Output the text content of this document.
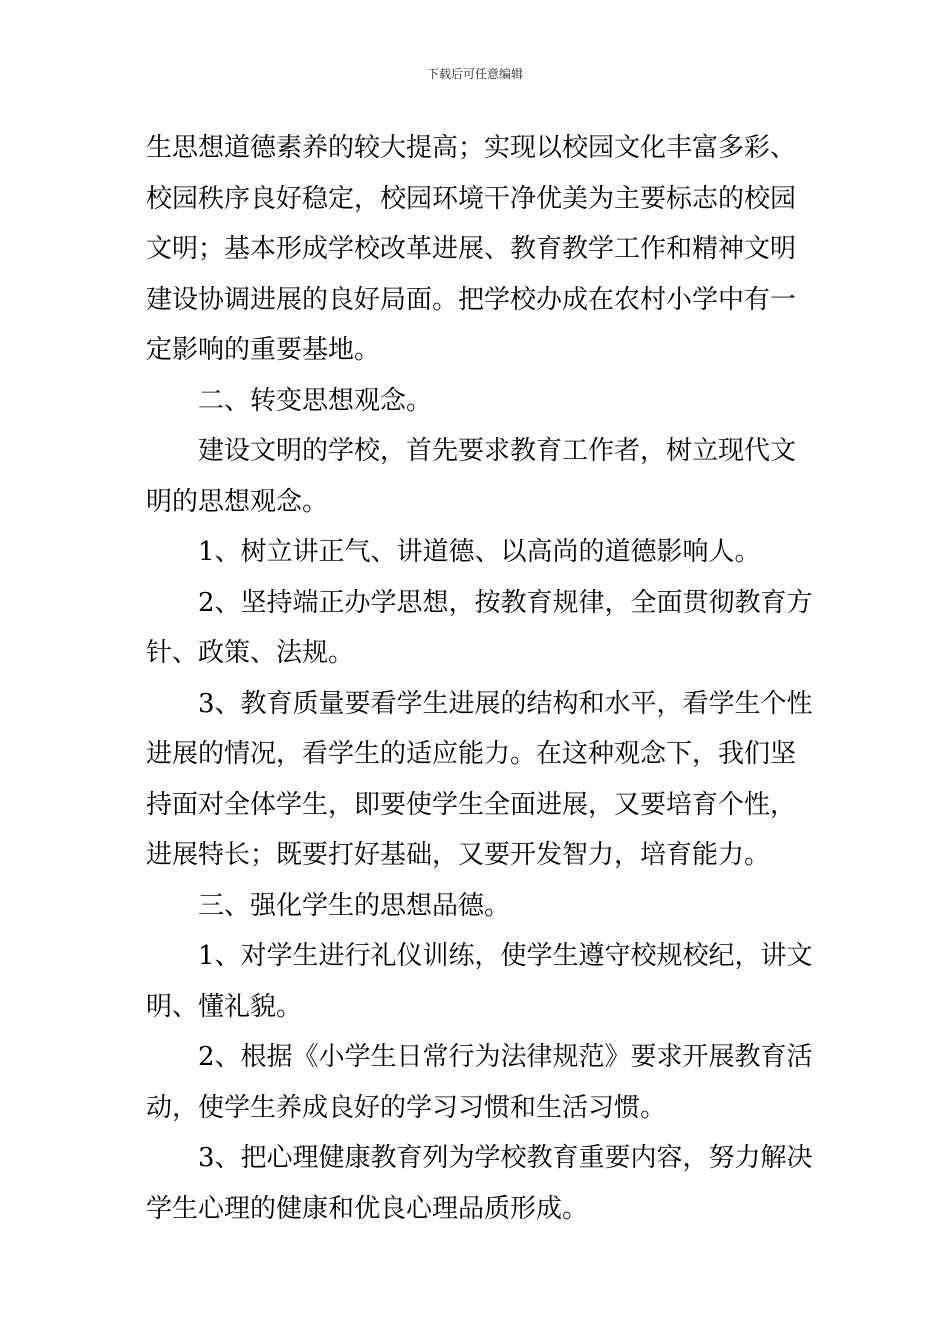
下载后可任意编辑
生思想道德素养的较大提高；实现以校园文化丰富多彩、
校园秩序良好稳定，校园环境干净优美为主要标志的校园
文明；基本形成学校改革进展、教育教学工作和精神文明
建设协调进展的良好局面。把学校办成在农村小学中有一
定影响的重要基地。
二、转变思想观念。
建设文明的学校，首先要求教育工作者，树立现代文
明的思想观念。
1、树立讲正气、讲道德、以高尚的道德影响人。
2、坚持端正办学思想，按教育规律，全面贯彻教育方
针、政策、法规。
3、教育质量要看学生进展的结构和水平，看学生个性
进展的情况，看学生的适应能力。在这种观念下，我们坚
持面对全体学生，即要使学生全面进展，又要培育个性，
进展特长；既要打好基础，又要开发智力，培育能力。
三、强化学生的思想品德。
1、对学生进行礼仪训练，使学生遵守校规校纪，讲文
明、懂礼貌。
2、根据《小学生日常行为法律规范》要求开展教育活
动，使学生养成良好的学习习惯和生活习惯。
3、把心理健康教育列为学校教育重要内容，努力解决
学生心理的健康和优良心理品质形成。
